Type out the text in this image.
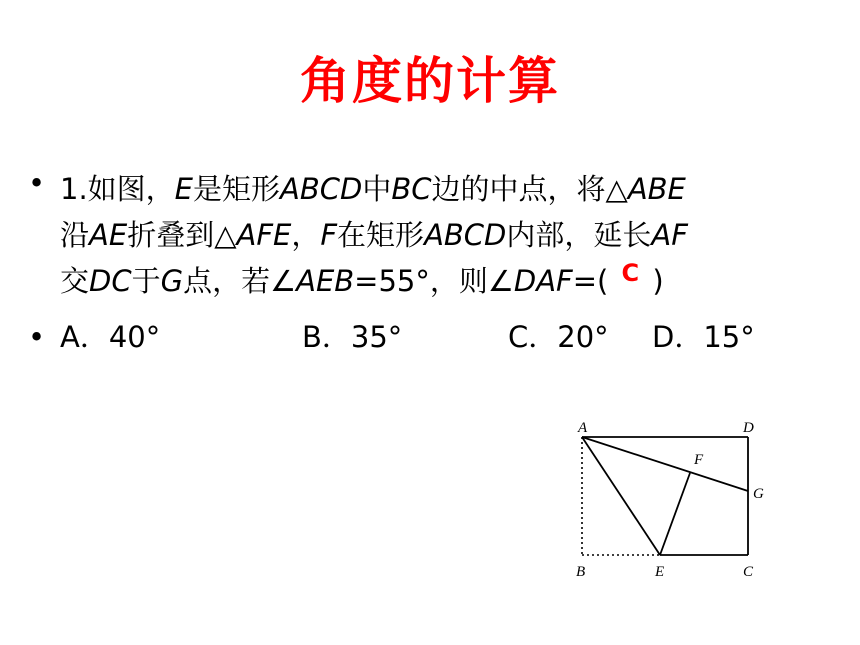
角度的计算
• 1.如图，E是矩形ABCD中BC边的中点，将△ABE
沿AE折叠到△AFE，F在矩形ABCD内部，延长AF
交DC于G点，若∠AEB=55°，则∠DAF=( C )
• A．40°	B．35°	C．20° D．15°
A	D
F
G
B	E	C
